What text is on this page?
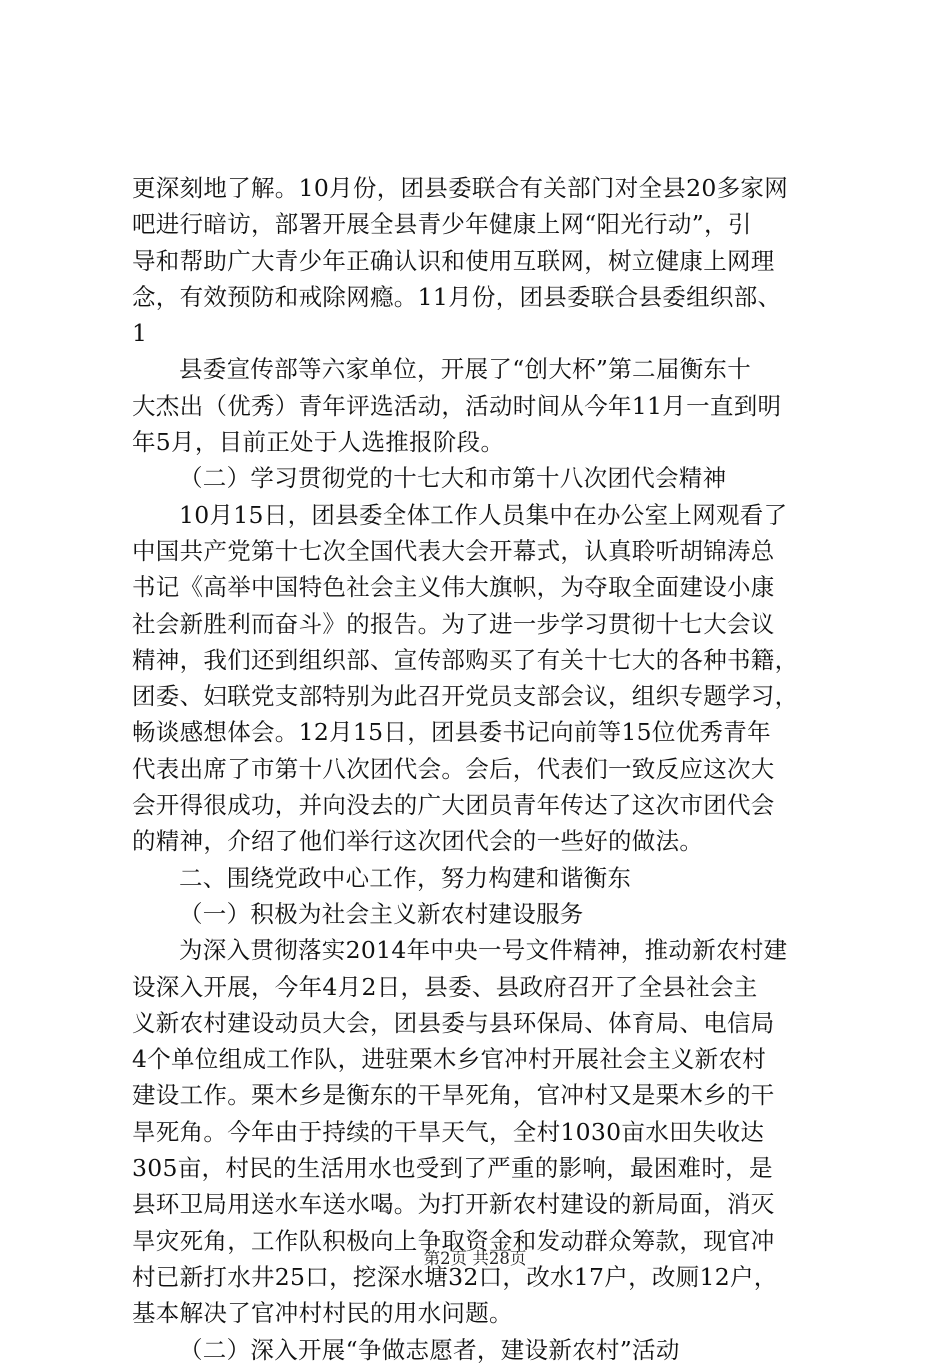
更深刻地了解。10月份，团县委联合有关部门对全县20多家网
吧进行暗访，部署开展全县青少年健康上网“阳光行动”，引
导和帮助广大青少年正确认识和使用互联网，树立健康上网理
念，有效预防和戒除网瘾。11月份，团县委联合县委组织部、
1
县委宣传部等六家单位，开展了“创大杯”第二届衡东十
大杰出（优秀）青年评选活动，活动时间从今年11月一直到明
年5月，目前正处于人选推报阶段。
（二）学习贯彻党的十七大和市第十八次团代会精神
10月15日，团县委全体工作人员集中在办公室上网观看了
中国共产党第十七次全国代表大会开幕式，认真聆听胡锦涛总
书记《高举中国特色社会主义伟大旗帜，为夺取全面建设小康
社会新胜利而奋斗》的报告。为了进一步学习贯彻十七大会议
精神，我们还到组织部、宣传部购买了有关十七大的各种书籍，
团委、妇联党支部特别为此召开党员支部会议，组织专题学习，
畅谈感想体会。12月15日，团县委书记向前等15位优秀青年
代表出席了市第十八次团代会。会后，代表们一致反应这次大
会开得很成功，并向没去的广大团员青年传达了这次市团代会
的精神，介绍了他们举行这次团代会的一些好的做法。
二、围绕党政中心工作，努力构建和谐衡东
（一）积极为社会主义新农村建设服务
为深入贯彻落实2014年中央一号文件精神，推动新农村建
设深入开展，今年4月2日，县委、县政府召开了全县社会主
义新农村建设动员大会，团县委与县环保局、体育局、电信局
4个单位组成工作队，进驻栗木乡官冲村开展社会主义新农村
建设工作。栗木乡是衡东的干旱死角，官冲村又是栗木乡的干
旱死角。今年由于持续的干旱天气，全村1030亩水田失收达
305亩，村民的生活用水也受到了严重的影响，最困难时，是
县环卫局用送水车送水喝。为打开新农村建设的新局面，消灭
旱灾死角，工作队积极向上争取资金和发动群众筹款，现官冲
村已新打水井25口，挖深水塘32口，改水17户，改厕12户，
基本解决了官冲村村民的用水问题。
（二）深入开展“争做志愿者，建设新农村”活动
第2页 共28页
